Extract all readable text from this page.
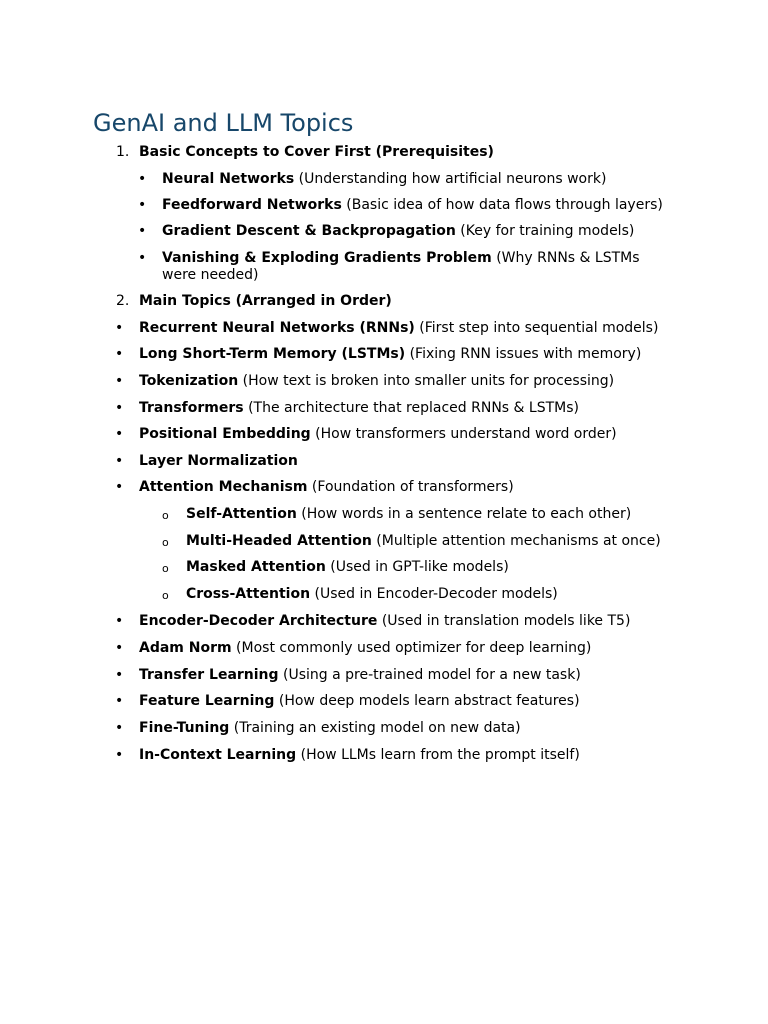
GenAI and LLM Topics
1. Basic Concepts to Cover First (Prerequisites)
• Neural Networks (Understanding how artificial neurons work)
• Feedforward Networks (Basic idea of how data flows through layers)
• Gradient Descent & Backpropagation (Key for training models)
• Vanishing & Exploding Gradients Problem (Why RNNs & LSTMs were needed)
2. Main Topics (Arranged in Order)
• Recurrent Neural Networks (RNNs) (First step into sequential models)
• Long Short-Term Memory (LSTMs) (Fixing RNN issues with memory)
• Tokenization (How text is broken into smaller units for processing)
• Transformers (The architecture that replaced RNNs & LSTMs)
• Positional Embedding (How transformers understand word order)
• Layer Normalization
• Attention Mechanism (Foundation of transformers)
o Self-Attention (How words in a sentence relate to each other)
o Multi-Headed Attention (Multiple attention mechanisms at once)
o Masked Attention (Used in GPT-like models)
o Cross-Attention (Used in Encoder-Decoder models)
• Encoder-Decoder Architecture (Used in translation models like T5)
• Adam Norm (Most commonly used optimizer for deep learning)
• Transfer Learning (Using a pre-trained model for a new task)
• Feature Learning (How deep models learn abstract features)
• Fine-Tuning (Training an existing model on new data)
• In-Context Learning (How LLMs learn from the prompt itself)
